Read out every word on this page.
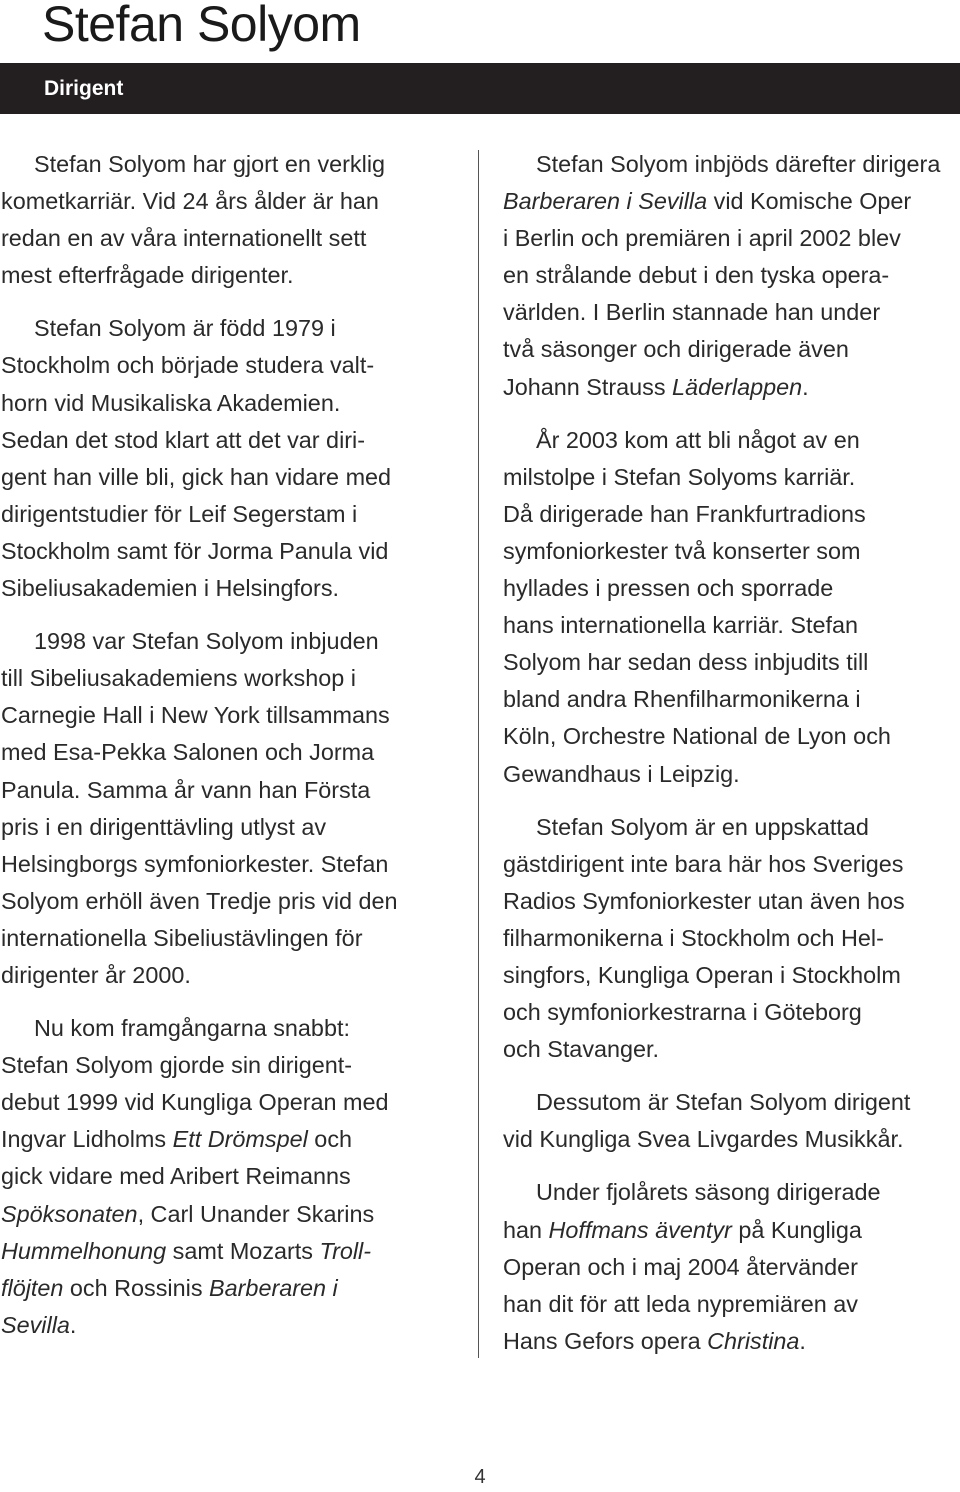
Stefan Solyom
Dirigent

Stefan Solyom har gjort en verklig
kometkarriär. Vid 24 års ålder är han
redan en av våra internationellt sett
mest efterfrågade dirigenter.

Stefan Solyom är född 1979 i
Stockholm och började studera valt-
horn vid Musikaliska Akademien.
Sedan det stod klart att det var diri-
gent han ville bli, gick han vidare med
dirigentstudier för Leif Segerstam i
Stockholm samt för Jorma Panula vid
Sibeliusakademien i Helsingfors.

1998 var Stefan Solyom inbjuden
till Sibeliusakademiens workshop i
Carnegie Hall i New York tillsammans
med Esa-Pekka Salonen och Jorma
Panula. Samma år vann han Första
pris i en dirigenttävling utlyst av
Helsingborgs symfoniorkester. Stefan
Solyom erhöll även Tredje pris vid den
internationella Sibeliustävlingen för
dirigenter år 2000.

Nu kom framgångarna snabbt:
Stefan Solyom gjorde sin dirigent-
debut 1999 vid Kungliga Operan med
Ingvar Lidholms Ett Drömspel och
gick vidare med Aribert Reimanns
Spöksonaten, Carl Unander Skarins
Hummelhonung samt Mozarts Troll-
flöjten och Rossinis Barberaren i
Sevilla.

Stefan Solyom inbjöds därefter dirigera
Barberaren i Sevilla vid Komische Oper
i Berlin och premiären i april 2002 blev
en strålande debut i den tyska opera-
världen. I Berlin stannade han under
två säsonger och dirigerade även
Johann Strauss Läderlappen.

År 2003 kom att bli något av en
milstolpe i Stefan Solyoms karriär.
Då dirigerade han Frankfurtradions
symfoniorkester två konserter som
hyllades i pressen och sporrade
hans internationella karriär. Stefan
Solyom har sedan dess inbjudits till
bland andra Rhenfilharmonikerna i
Köln, Orchestre National de Lyon och
Gewandhaus i Leipzig.

Stefan Solyom är en uppskattad
gästdirigent inte bara här hos Sveriges
Radios Symfoniorkester utan även hos
filharmonikerna i Stockholm och Hel-
singfors, Kungliga Operan i Stockholm
och symfoniorkestrarna i Göteborg
och Stavanger.

Dessutom är Stefan Solyom dirigent
vid Kungliga Svea Livgardes Musikkår.

Under fjolårets säsong dirigerade
han Hoffmans äventyr på Kungliga
Operan och i maj 2004 återvänder
han dit för att leda nypremiären av
Hans Gefors opera Christina.

4
